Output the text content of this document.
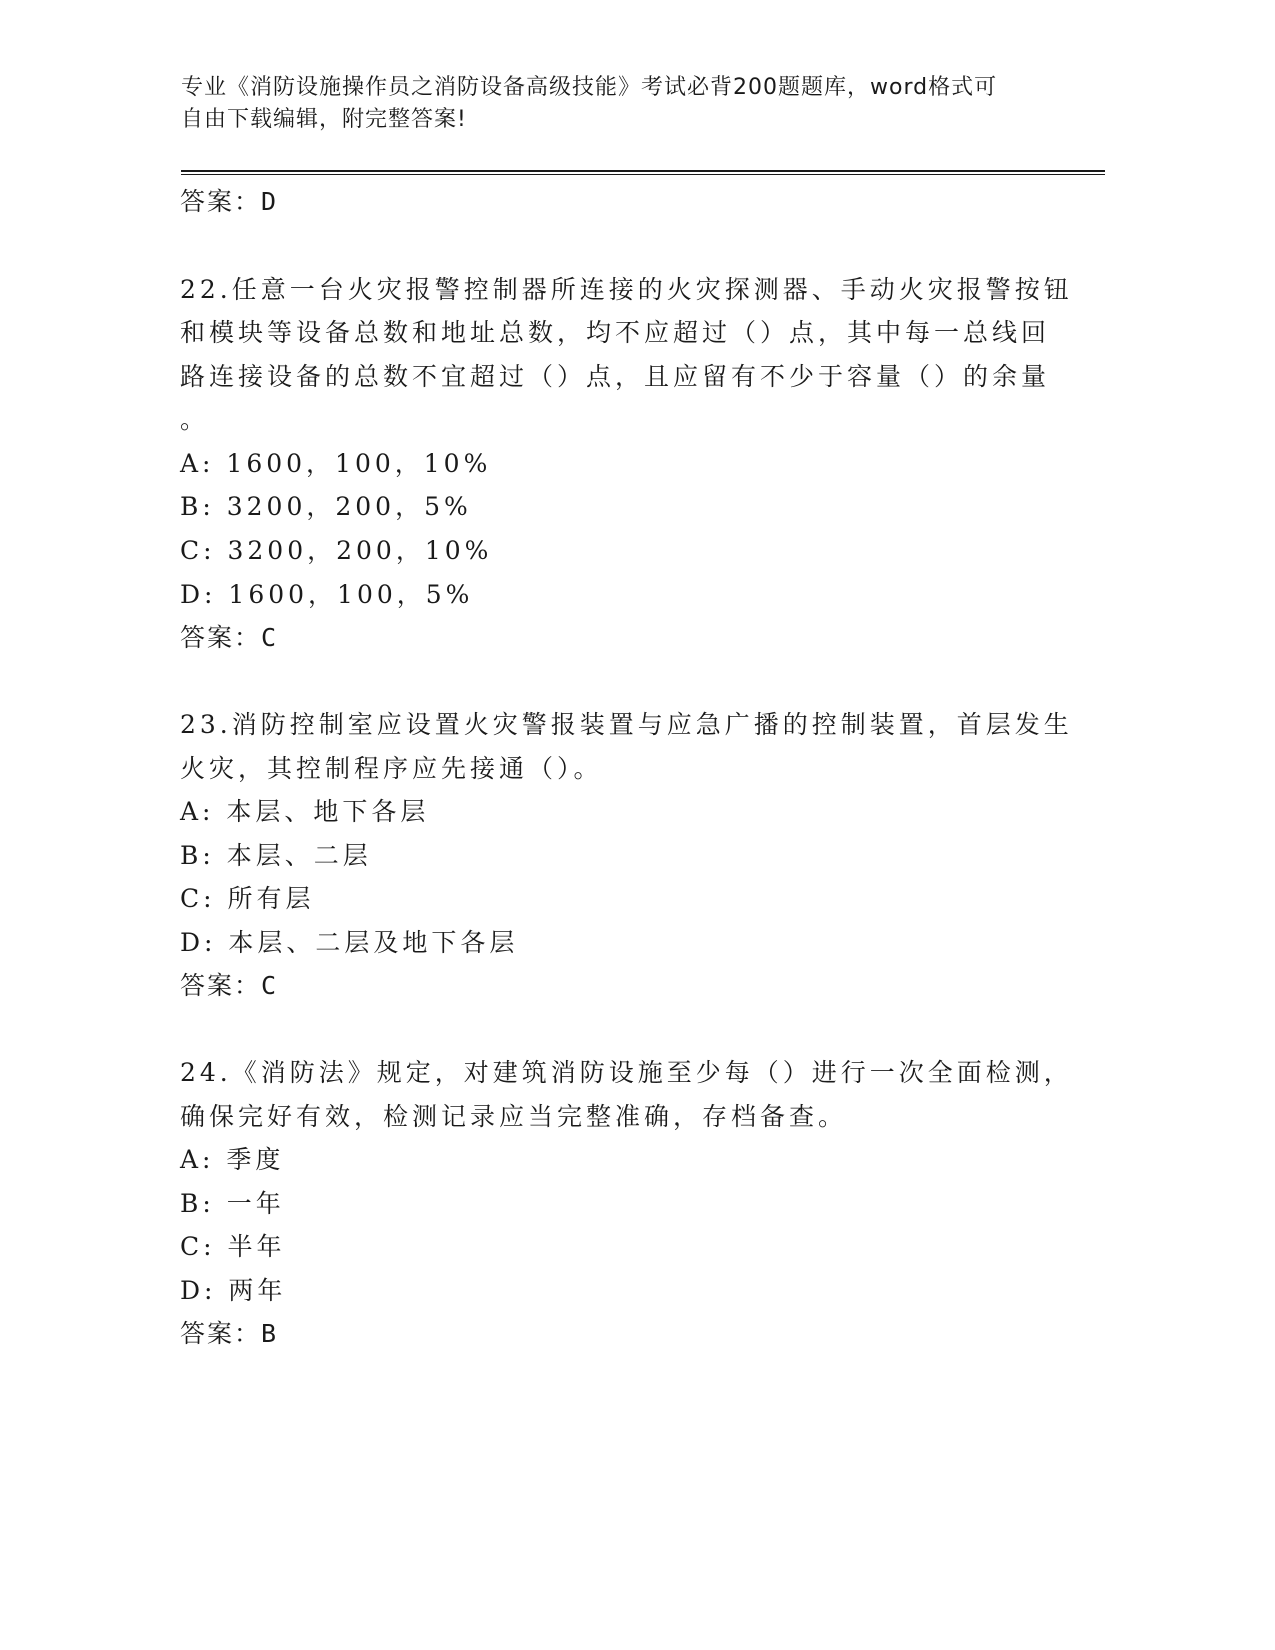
专业《消防设施操作员之消防设备高级技能》考试必背200题题库，word格式可
自由下载编辑，附完整答案!
答案：D
22.任意一台火灾报警控制器所连接的火灾探测器、手动火灾报警按钮
和模块等设备总数和地址总数，均不应超过（）点，其中每一总线回
路连接设备的总数不宜超过（）点，且应留有不少于容量（）的余量
。
A: 1600，100，10%
B: 3200，200，5%
C: 3200，200，10%
D: 1600，100，5%
答案：C
23.消防控制室应设置火灾警报装置与应急广播的控制装置，首层发生
火灾，其控制程序应先接通（）。
A: 本层、地下各层
B: 本层、二层
C: 所有层
D: 本层、二层及地下各层
答案：C
24.《消防法》规定，对建筑消防设施至少每（）进行一次全面检测，
确保完好有效，检测记录应当完整准确，存档备查。
A: 季度
B: 一年
C: 半年
D: 两年
答案：B
